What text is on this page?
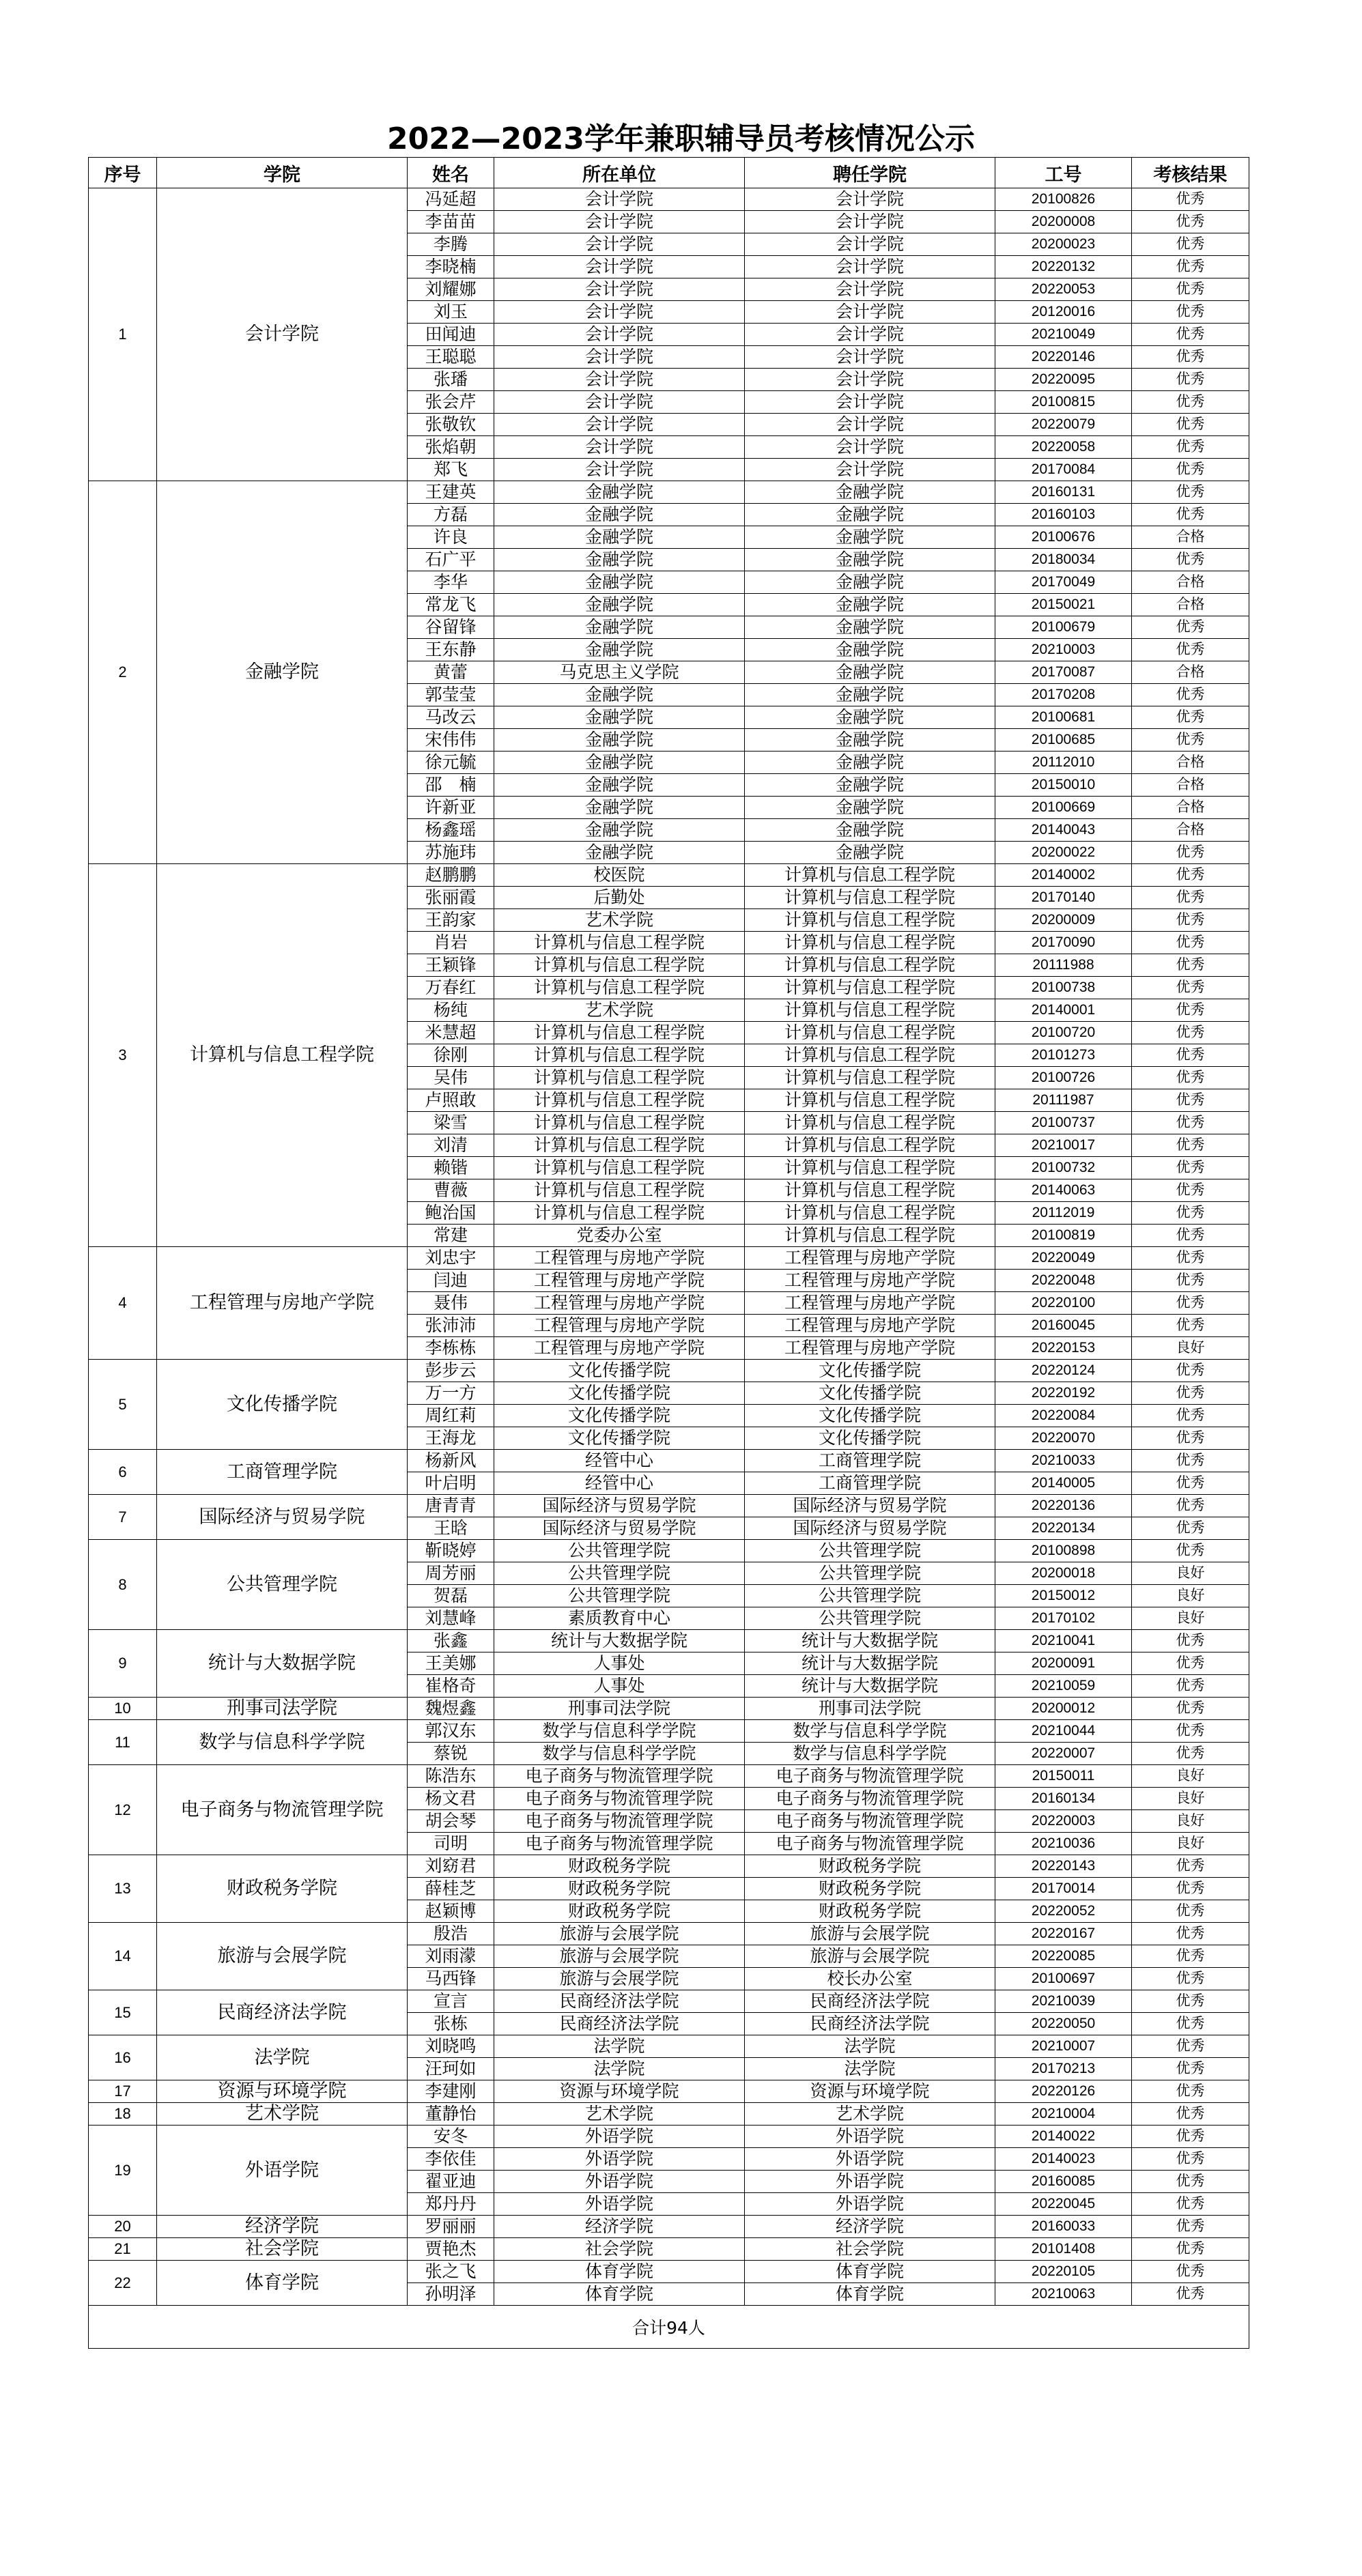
2022—2023学年兼职辅导员考核情况公示
序号	学院	姓名	所在单位	聘任学院	工号	考核结果
1	会计学院	冯延超	会计学院	会计学院	20100826	优秀
		李苗苗	会计学院	会计学院	20200008	优秀
		李腾	会计学院	会计学院	20200023	优秀
		李晓楠	会计学院	会计学院	20220132	优秀
		刘耀娜	会计学院	会计学院	20220053	优秀
		刘玉	会计学院	会计学院	20120016	优秀
		田闻迪	会计学院	会计学院	20210049	优秀
		王聪聪	会计学院	会计学院	20220146	优秀
		张璠	会计学院	会计学院	20220095	优秀
		张会芹	会计学院	会计学院	20100815	优秀
		张敬钦	会计学院	会计学院	20220079	优秀
		张焰朝	会计学院	会计学院	20220058	优秀
		郑飞	会计学院	会计学院	20170084	优秀
2	金融学院	王建英	金融学院	金融学院	20160131	优秀
		方磊	金融学院	金融学院	20160103	优秀
		许良	金融学院	金融学院	20100676	合格
		石广平	金融学院	金融学院	20180034	优秀
		李华	金融学院	金融学院	20170049	合格
		常龙飞	金融学院	金融学院	20150021	合格
		谷留锋	金融学院	金融学院	20100679	优秀
		王东静	金融学院	金融学院	20210003	优秀
		黄蕾	马克思主义学院	金融学院	20170087	合格
		郭莹莹	金融学院	金融学院	20170208	优秀
		马改云	金融学院	金融学院	20100681	优秀
		宋伟伟	金融学院	金融学院	20100685	优秀
		徐元毓	金融学院	金融学院	20112010	合格
		邵　楠	金融学院	金融学院	20150010	合格
		许新亚	金融学院	金融学院	20100669	合格
		杨鑫瑶	金融学院	金融学院	20140043	合格
		苏施玮	金融学院	金融学院	20200022	优秀
3	计算机与信息工程学院	赵鹏鹏	校医院	计算机与信息工程学院	20140002	优秀
		张丽霞	后勤处	计算机与信息工程学院	20170140	优秀
		王韵家	艺术学院	计算机与信息工程学院	20200009	优秀
		肖岩	计算机与信息工程学院	计算机与信息工程学院	20170090	优秀
		王颖锋	计算机与信息工程学院	计算机与信息工程学院	20111988	优秀
		万春红	计算机与信息工程学院	计算机与信息工程学院	20100738	优秀
		杨纯	艺术学院	计算机与信息工程学院	20140001	优秀
		米慧超	计算机与信息工程学院	计算机与信息工程学院	20100720	优秀
		徐刚	计算机与信息工程学院	计算机与信息工程学院	20101273	优秀
		吴伟	计算机与信息工程学院	计算机与信息工程学院	20100726	优秀
		卢照敢	计算机与信息工程学院	计算机与信息工程学院	20111987	优秀
		梁雪	计算机与信息工程学院	计算机与信息工程学院	20100737	优秀
		刘清	计算机与信息工程学院	计算机与信息工程学院	20210017	优秀
		赖锴	计算机与信息工程学院	计算机与信息工程学院	20100732	优秀
		曹薇	计算机与信息工程学院	计算机与信息工程学院	20140063	优秀
		鲍治国	计算机与信息工程学院	计算机与信息工程学院	20112019	优秀
		常建	党委办公室	计算机与信息工程学院	20100819	优秀
4	工程管理与房地产学院	刘忠宇	工程管理与房地产学院	工程管理与房地产学院	20220049	优秀
		闫迪	工程管理与房地产学院	工程管理与房地产学院	20220048	优秀
		聂伟	工程管理与房地产学院	工程管理与房地产学院	20220100	优秀
		张沛沛	工程管理与房地产学院	工程管理与房地产学院	20160045	优秀
		李栋栋	工程管理与房地产学院	工程管理与房地产学院	20220153	良好
5	文化传播学院	彭步云	文化传播学院	文化传播学院	20220124	优秀
		万一方	文化传播学院	文化传播学院	20220192	优秀
		周红莉	文化传播学院	文化传播学院	20220084	优秀
		王海龙	文化传播学院	文化传播学院	20220070	优秀
6	工商管理学院	杨新风	经管中心	工商管理学院	20210033	优秀
		叶启明	经管中心	工商管理学院	20140005	优秀
7	国际经济与贸易学院	唐青青	国际经济与贸易学院	国际经济与贸易学院	20220136	优秀
		王晗	国际经济与贸易学院	国际经济与贸易学院	20220134	优秀
8	公共管理学院	靳晓婷	公共管理学院	公共管理学院	20100898	优秀
		周芳丽	公共管理学院	公共管理学院	20200018	良好
		贺磊	公共管理学院	公共管理学院	20150012	良好
		刘慧峰	素质教育中心	公共管理学院	20170102	良好
9	统计与大数据学院	张鑫	统计与大数据学院	统计与大数据学院	20210041	优秀
		王美娜	人事处	统计与大数据学院	20200091	优秀
		崔格奇	人事处	统计与大数据学院	20210059	优秀
10	刑事司法学院	魏煜鑫	刑事司法学院	刑事司法学院	20200012	优秀
11	数学与信息科学学院	郭汉东	数学与信息科学学院	数学与信息科学学院	20210044	优秀
		蔡锐	数学与信息科学学院	数学与信息科学学院	20220007	优秀
12	电子商务与物流管理学院	陈浩东	电子商务与物流管理学院	电子商务与物流管理学院	20150011	良好
		杨文君	电子商务与物流管理学院	电子商务与物流管理学院	20160134	良好
		胡会琴	电子商务与物流管理学院	电子商务与物流管理学院	20220003	良好
		司明	电子商务与物流管理学院	电子商务与物流管理学院	20210036	良好
13	财政税务学院	刘窈君	财政税务学院	财政税务学院	20220143	优秀
		薛桂芝	财政税务学院	财政税务学院	20170014	优秀
		赵颖博	财政税务学院	财政税务学院	20220052	优秀
14	旅游与会展学院	殷浩	旅游与会展学院	旅游与会展学院	20220167	优秀
		刘雨濛	旅游与会展学院	旅游与会展学院	20220085	优秀
		马西锋	旅游与会展学院	校长办公室	20100697	优秀
15	民商经济法学院	宣言	民商经济法学院	民商经济法学院	20210039	优秀
		张栋	民商经济法学院	民商经济法学院	20220050	优秀
16	法学院	刘晓鸣	法学院	法学院	20210007	优秀
		汪珂如	法学院	法学院	20170213	优秀
17	资源与环境学院	李建刚	资源与环境学院	资源与环境学院	20220126	优秀
18	艺术学院	董静怡	艺术学院	艺术学院	20210004	优秀
19	外语学院	安冬	外语学院	外语学院	20140022	优秀
		李依佳	外语学院	外语学院	20140023	优秀
		翟亚迪	外语学院	外语学院	20160085	优秀
		郑丹丹	外语学院	外语学院	20220045	优秀
20	经济学院	罗丽丽	经济学院	经济学院	20160033	优秀
21	社会学院	贾艳杰	社会学院	社会学院	20101408	优秀
22	体育学院	张之飞	体育学院	体育学院	20220105	优秀
		孙明泽	体育学院	体育学院	20210063	优秀
合计94人						
